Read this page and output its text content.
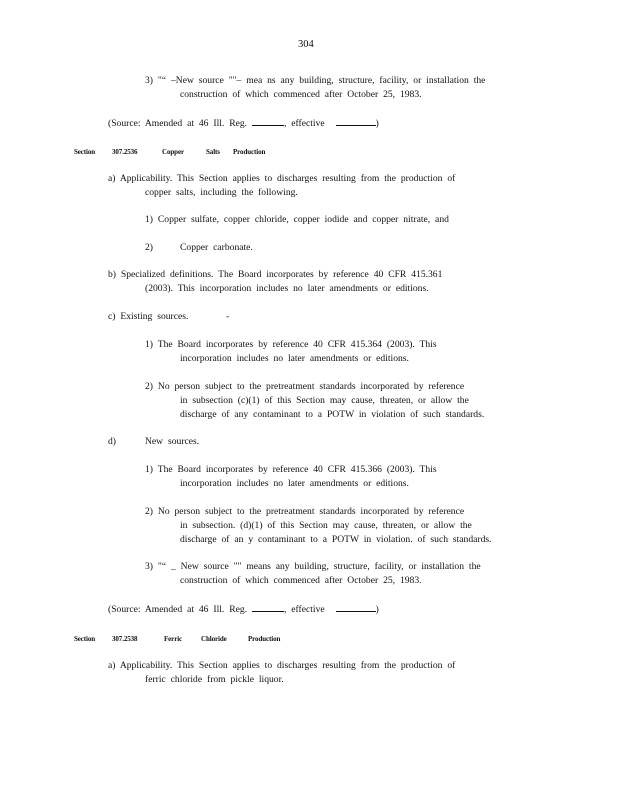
304
3) "“ –New source ""– mea ns any building, structure, facility, or installation the
construction of which commenced after October 25, 1983.
(Source: Amended at 46 Ill. Reg.	, effective	)
Section 307.2536	Copper	Salts Production
a) Applicability. This Section applies to discharges resulting from the production of
copper salts, including the following.
1) Copper sulfate, copper chloride, copper iodide and copper nitrate, and
2)	Copper carbonate.
b) Specialized definitions. The Board incorporates by reference 40 CFR 415.361
(2003). This incorporation includes no later amendments or editions.
c) Existing sources.	-
1) The Board incorporates by reference 40 CFR 415.364 (2003). This
incorporation includes no later amendments or editions.
2) No person subject to the pretreatment standards incorporated by reference
in subsection (c)(1) of this Section may cause, threaten, or allow the
discharge of any contaminant to a POTW in violation of such standards.
d)	New sources.
1) The Board incorporates by reference 40 CFR 415.366 (2003). This
incorporation includes no later amendments or editions.
2) No person subject to the pretreatment standards incorporated by reference
in subsection. (d)(1) of this Section may cause, threaten, or allow the
discharge of an y contaminant to a POTW in violation. of such standards.
3) "“ _ New source "" means any building, structure, facility, or installation the
construction of which commenced after October 25, 1983.
(Source: Amended at 46 Ill. Reg.	, effective	)
Section 307.2538	Ferric	Chloride	Production
a) Applicability. This Section applies to discharges resulting from the production of
ferric chloride from pickle liquor.
